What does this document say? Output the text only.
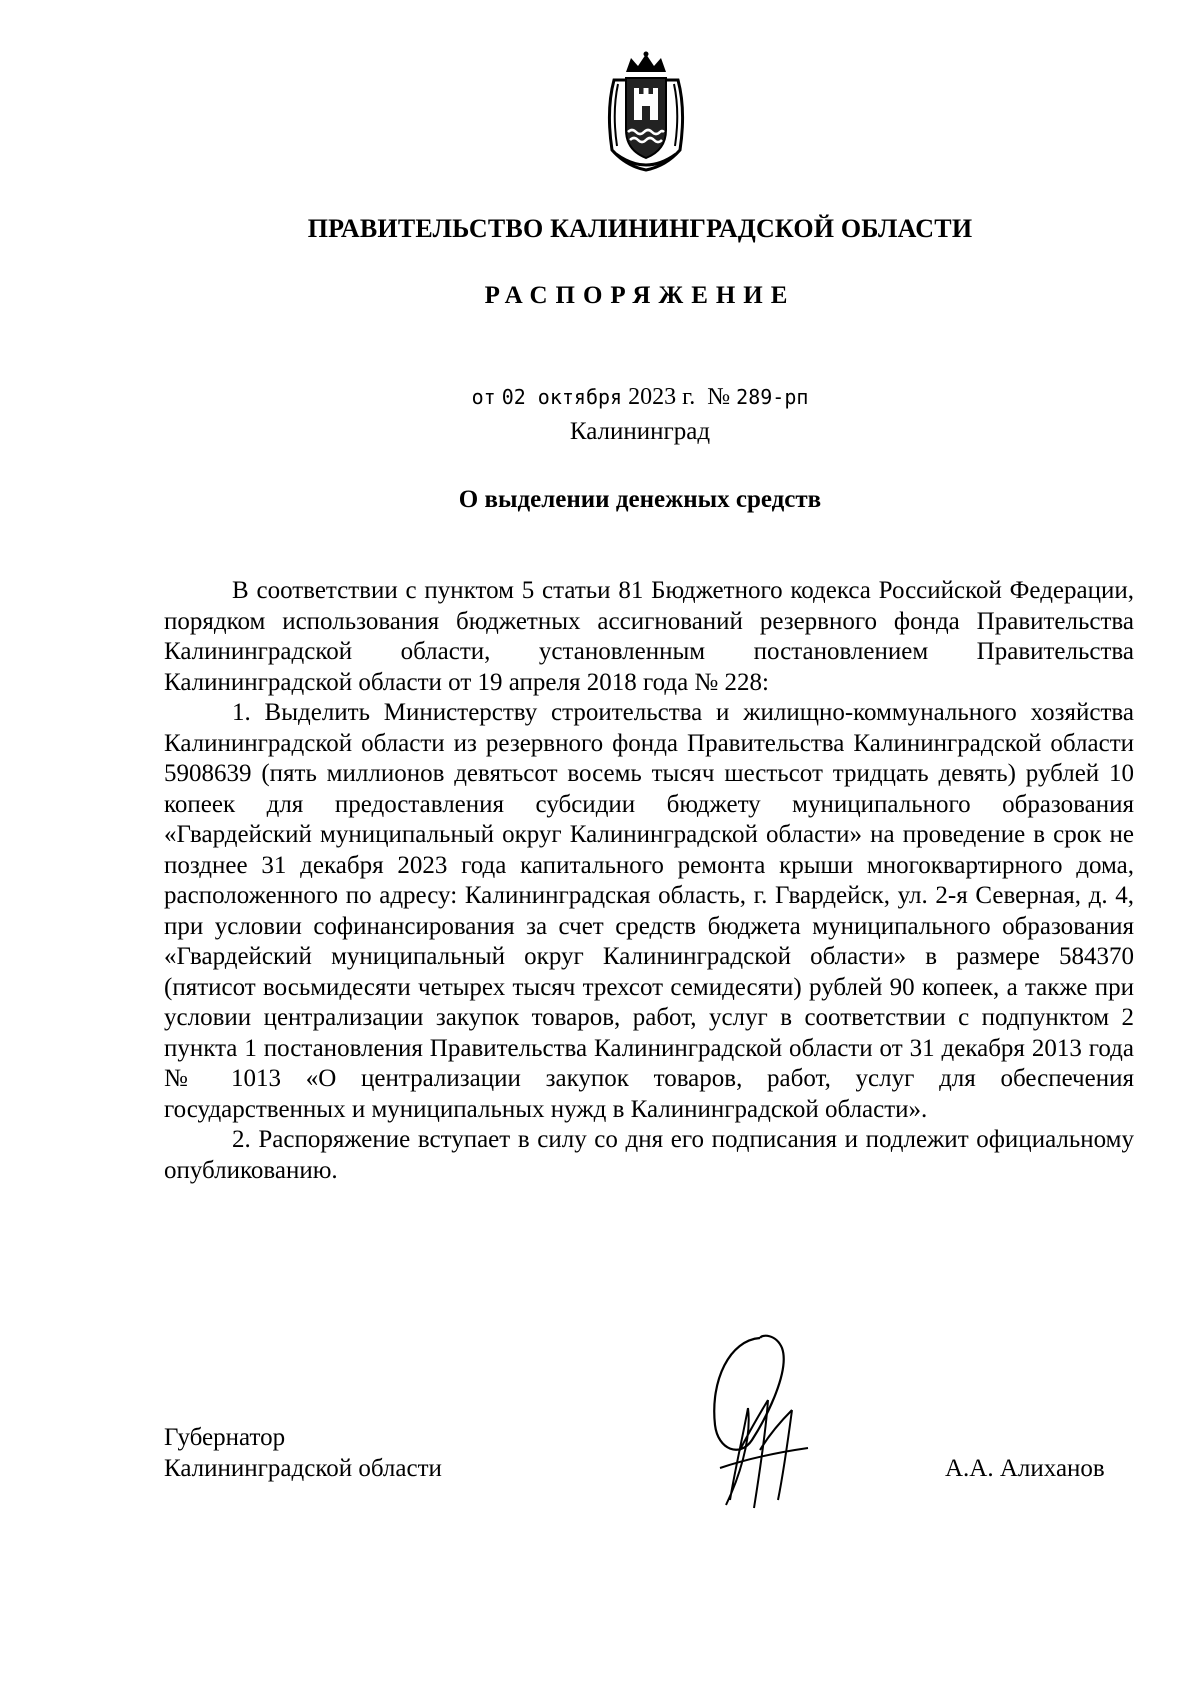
ПРАВИТЕЛЬСТВО КАЛИНИНГРАДСКОЙ ОБЛАСТИ
РАСПОРЯЖЕНИЕ
от 02 октября 2023 г. № 289-рп
Калининград
О выделении денежных средств

В соответствии с пунктом 5 статьи 81 Бюджетного кодекса Российской Федерации, порядком использования бюджетных ассигнований резервного фонда Правительства Калининградской области, установленным постановлением Правительства Калининградской области от 19 апреля 2018 года № 228:

1. Выделить Министерству строительства и жилищно-коммунального хозяйства Калининградской области из резервного фонда Правительства Калининградской области 5908639 (пять миллионов девятьсот восемь тысяч шестьсот тридцать девять) рублей 10 копеек для предоставления субсидии бюджету муниципального образования «Гвардейский муниципальный округ Калининградской области» на проведение в срок не позднее 31 декабря 2023 года капитального ремонта крыши многоквартирного дома, расположенного по адресу: Калининградская область, г. Гвардейск, ул. 2-я Северная, д. 4, при условии софинансирования за счет средств бюджета муниципального образования «Гвардейский муниципальный округ Калининградской области» в размере 584370 (пятисот восьмидесяти четырех тысяч трехсот семидесяти) рублей 90 копеек, а также при условии централизации закупок товаров, работ, услуг в соответствии с подпунктом 2 пункта 1 постановления Правительства Калининградской области от 31 декабря 2013 года № 1013 «О централизации закупок товаров, работ, услуг для обеспечения государственных и муниципальных нужд в Калининградской области».

2. Распоряжение вступает в силу со дня его подписания и подлежит официальному опубликованию.

Губернатор
Калининградской области	А.А. Алиханов
